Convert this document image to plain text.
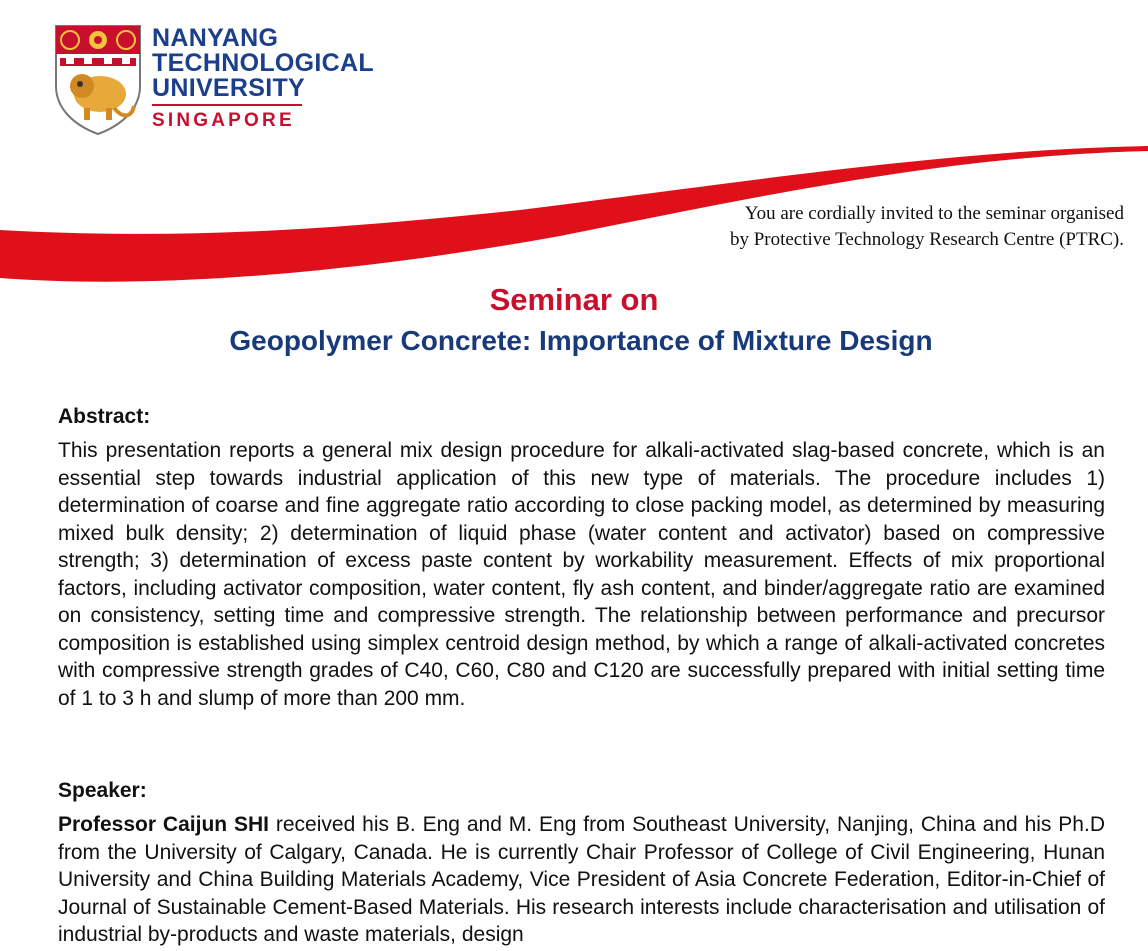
NANYANG
TECHNOLOGICAL
UNIVERSITY
SINGAPORE
You are cordially invited to the seminar organised
by Protective Technology Research Centre (PTRC).
Seminar on
Geopolymer Concrete: Importance of Mixture Design
Abstract:
This presentation reports a general mix design procedure for alkali-activated slag-based concrete, which is an essential step towards industrial application of this new type of materials. The procedure includes 1) determination of coarse and fine aggregate ratio according to close packing model, as determined by measuring mixed bulk density; 2) determination of liquid phase (water content and activator) based on compressive strength; 3) determination of excess paste content by workability measurement. Effects of mix proportional factors, including activator composition, water content, fly ash content, and binder/aggregate ratio are examined on consistency, setting time and compressive strength. The relationship between performance and precursor composition is established using simplex centroid design method, by which a range of alkali-activated concretes with compressive strength grades of C40, C60, C80 and C120 are successfully prepared with initial setting time of 1 to 3 h and slump of more than 200 mm.
Speaker:
Professor Caijun SHI received his B. Eng and M. Eng from Southeast University, Nanjing, China and his Ph.D from the University of Calgary, Canada. He is currently Chair Professor of College of Civil Engineering, Hunan University and China Building Materials Academy, Vice President of Asia Concrete Federation, Editor-in-Chief of Journal of Sustainable Cement-Based Materials. His research interests include characterisation and utilisation of industrial by-products and waste materials, design
